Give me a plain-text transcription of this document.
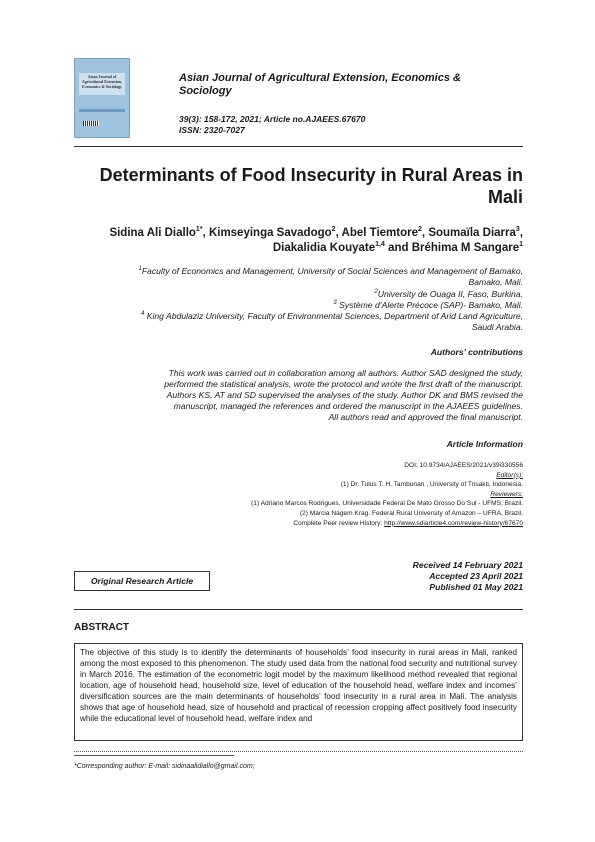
Asian Journal of
Agricultural Extension,
Economics & Sociology
Asian Journal of Agricultural Extension, Economics &
Sociology
39(3): 158-172, 2021; Article no.AJAEES.67670
ISSN: 2320-7027
Determinants of Food Insecurity in Rural Areas in
Mali
Sidina Ali Diallo$^{1*}$, Kimseyinga Savadogo$^2$, Abel Tiemtore$^2$, Soumaïla Diarra$^3$,
Diakalidia Kouyate$^{1,4}$ and Bréhima M Sangare$^1$
$^1$Faculty of Economics and Management, University of Social Sciences and Management of Bamako,
Bamako, Mali.
$^2$University de Ouaga II, Faso, Burkina.
$^3$ Système d’Alerte Précoce (SAP)- Bamako, Mali.
$^4$ King Abdulaziz University, Faculty of Environmental Sciences, Department of Arid Land Agriculture,
Saudi Arabia.
Authors’ contributions
This work was carried out in collaboration among all authors. Author SAD designed the study,
performed the statistical analysis, wrote the protocol and wrote the first draft of the manuscript.
Authors KS, AT and SD supervised the analyses of the study. Author DK and BMS revised the
manuscript, managed the references and ordered the manuscript in the AJAEES guidelines.
All authors read and approved the final manuscript.
Article Information
DOI: 10.9734/AJAEES/2021/v39i330556
Editor(s):
(1) Dr. Tulus T. H. Tambunan , University of Trisakti, Indonesia.
Reviewers:
(1) Adriano Marcos Rodrigues, Universidade Federal De Mato Grosso Do Sul - UFMS, Brazil.
(2) Márcia Nágem Krag. Federal Rural University of Amazon – UFRA, Brazil.
Complete Peer review History: http://www.sdiarticle4.com/review-history/67670
Original Research Article
Received 14 February 2021
Accepted 23 April 2021
Published 01 May 2021
ABSTRACT
The objective of this study is to identify the determinants of households’ food insecurity in rural areas in Mali, ranked among the most exposed to this phenomenon. The study used data from the national food security and nutritional survey in March 2016. The estimation of the econometric logit model by the maximum likelihood method revealed that regional location, age of household head, household size, level of education of the household head, welfare index and incomes’ diversification sources are the main determinants of households’ food insecurity in a rural area in Mali. The analysis shows that age of household head, size of household and practical of recession cropping affect positively food insecurity while the educational level of household head, welfare index and
*Corresponding author: E-mail: sidinaalidiallo@gmail.com;
